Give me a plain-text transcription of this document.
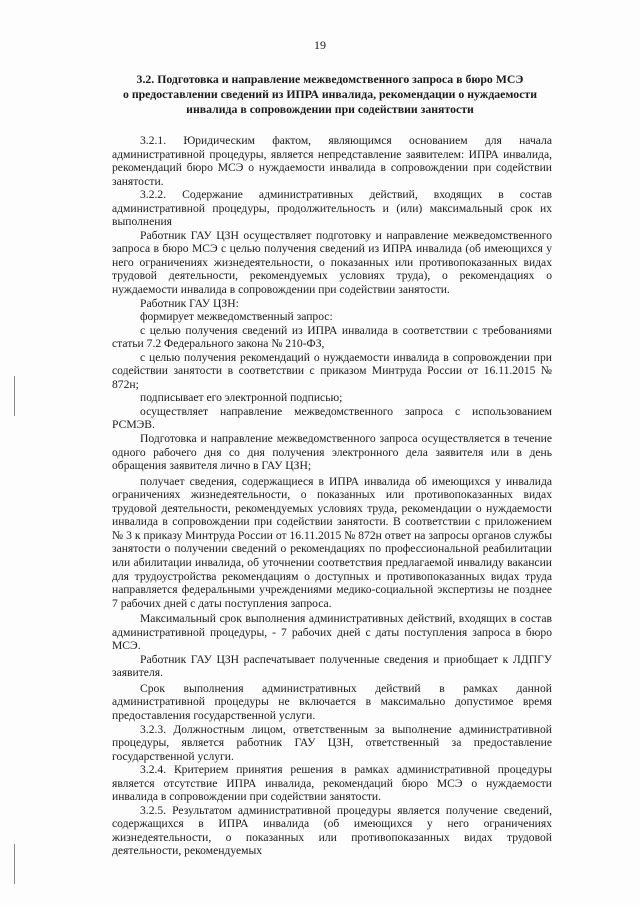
19
3.2. Подготовка и направление межведомственного запроса в бюро МСЭ
о предоставлении сведений из ИПРА инвалида, рекомендации о нуждаемости
инвалида в сопровождении при содействии занятости

3.2.1. Юридическим фактом, являющимся основанием для начала административной процедуры, является непредставление заявителем: ИПРА инвалида, рекомендаций бюро МСЭ о нуждаемости инвалида в сопровождении при содействии занятости.

3.2.2. Содержание административных действий, входящих в состав административной процедуры, продолжительность и (или) максимальный срок их выполнения

Работник ГАУ ЦЗН осуществляет подготовку и направление межведомственного запроса в бюро МСЭ с целью получения сведений из ИПРА инвалида (об имеющихся у него ограничениях жизнедеятельности, о показанных или противопоказанных видах трудовой деятельности, рекомендуемых условиях труда), о рекомендациях о нуждаемости инвалида в сопровождении при содействии занятости.

Работник ГАУ ЦЗН:

формирует межведомственный запрос:

с целью получения сведений из ИПРА инвалида в соответствии с требованиями статьи 7.2 Федерального закона № 210-ФЗ,

с целью получения рекомендаций о нуждаемости инвалида в сопровождении при содействии занятости в соответствии с приказом Минтруда России от 16.11.2015 № 872н;

подписывает его электронной подписью;

осуществляет направление межведомственного запроса с использованием РСМЭВ.

Подготовка и направление межведомственного запроса осуществляется в течение одного рабочего дня со дня получения электронного дела заявителя или в день обращения заявителя лично в ГАУ ЦЗН;

получает сведения, содержащиеся в ИПРА инвалида об имеющихся у инвалида ограничениях жизнедеятельности, о показанных или противопоказанных видах трудовой деятельности, рекомендуемых условиях труда, рекомендации о нуждаемости инвалида в сопровождении при содействии занятости. В соответствии с приложением № 3 к приказу Минтруда России от 16.11.2015 № 872н ответ на запросы органов службы занятости о получении сведений о рекомендациях по профессиональной реабилитации или абилитации инвалида, об уточнении соответствия предлагаемой инвалиду вакансии для трудоустройства рекомендациям о доступных и противопоказанных видах труда направляется федеральными учреждениями медико-социальной экспертизы не позднее 7 рабочих дней с даты поступления запроса.

Максимальный срок выполнения административных действий, входящих в состав административной процедуры, - 7 рабочих дней с даты поступления запроса в бюро МСЭ.

Работник ГАУ ЦЗН распечатывает полученные сведения и приобщает к ЛДПГУ заявителя.

Срок выполнения административных действий в рамках данной административной процедуры не включается в максимально допустимое время предоставления государственной услуги.

3.2.3. Должностным лицом, ответственным за выполнение административной процедуры, является работник ГАУ ЦЗН, ответственный за предоставление государственной услуги.

3.2.4. Критерием принятия решения в рамках административной процедуры является отсутствие ИПРА инвалида, рекомендаций бюро МСЭ о нуждаемости инвалида в сопровождении при содействии занятости.

3.2.5. Результатом административной процедуры является получение сведений, содержащихся в ИПРА инвалида (об имеющихся у него ограничениях жизнедеятельности, о показанных или противопоказанных видах трудовой деятельности, рекомендуемых
